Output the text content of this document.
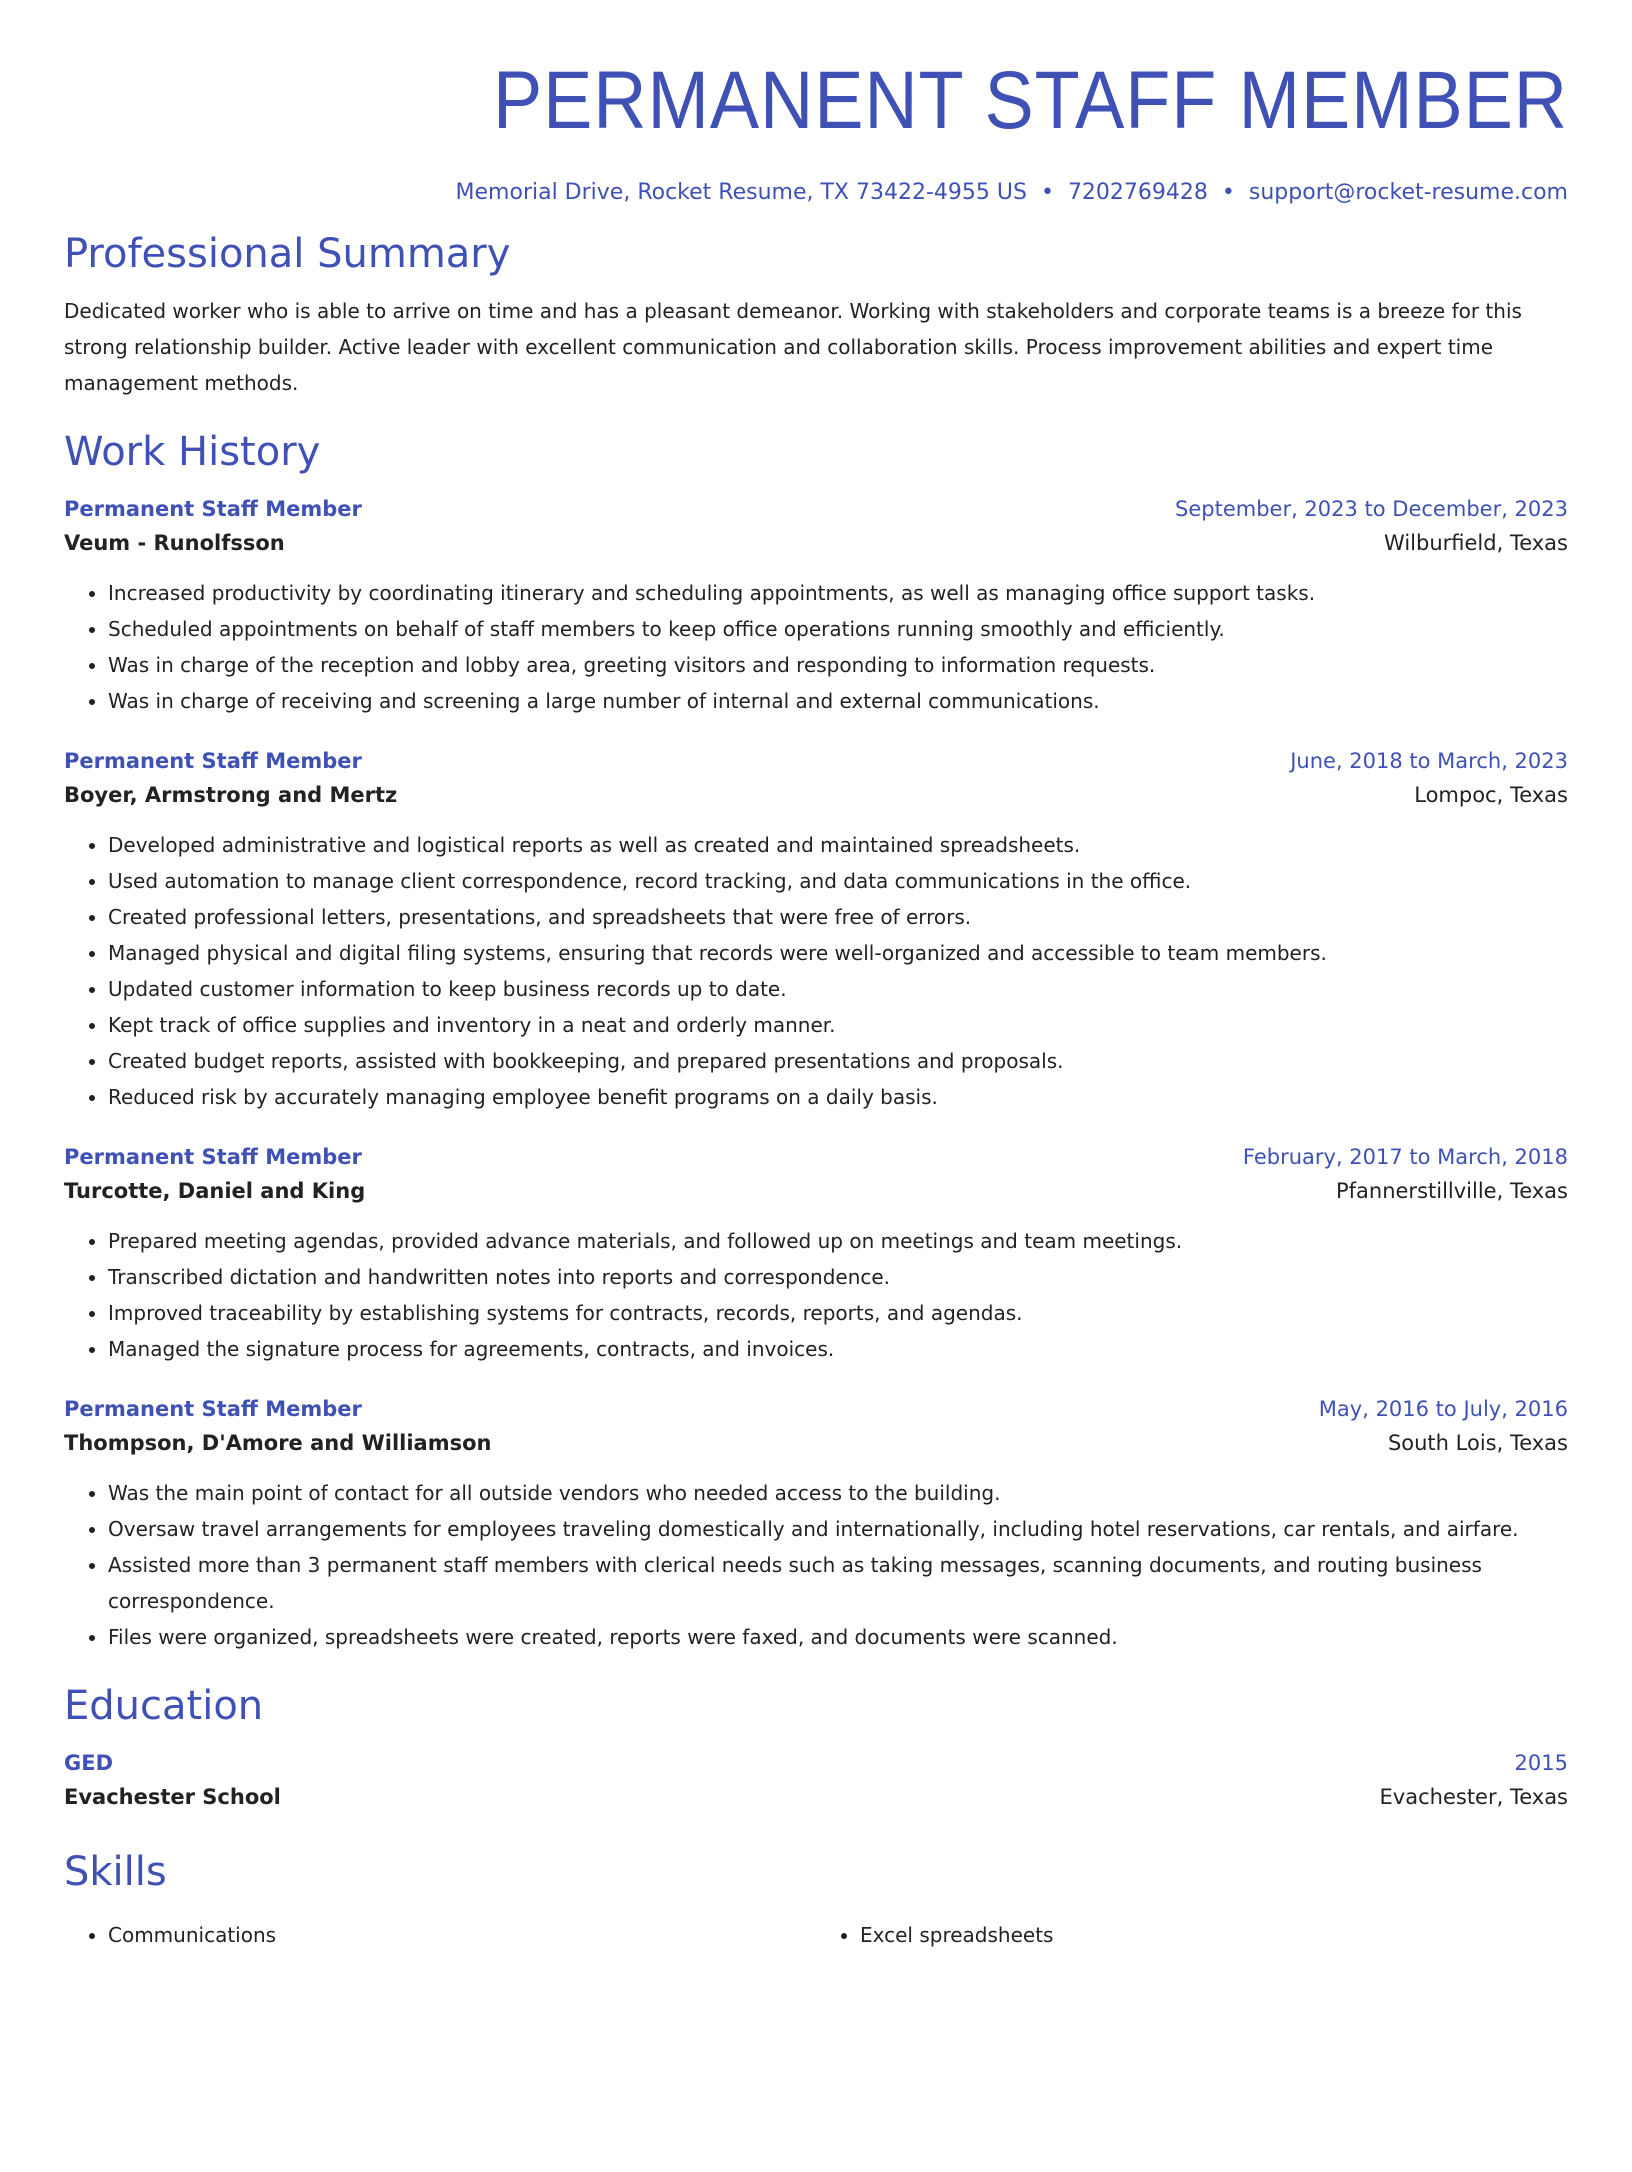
PERMANENT STAFF MEMBER
Memorial Drive, Rocket Resume, TX 73422-4955 US • 7202769428 • support@rocket-resume.com
Professional Summary

Dedicated worker who is able to arrive on time and has a pleasant demeanor. Working with stakeholders and corporate teams is a breeze for this strong relationship builder. Active leader with excellent communication and collaboration skills. Process improvement abilities and expert time management methods.

Work History
Permanent Staff Member	September, 2023 to December, 2023
Veum - Runolfsson	Wilburfield, Texas
• Increased productivity by coordinating itinerary and scheduling appointments, as well as managing office support tasks.
• Scheduled appointments on behalf of staff members to keep office operations running smoothly and efficiently.
• Was in charge of the reception and lobby area, greeting visitors and responding to information requests.
• Was in charge of receiving and screening a large number of internal and external communications.
Permanent Staff Member	June, 2018 to March, 2023
Boyer, Armstrong and Mertz	Lompoc, Texas
• Developed administrative and logistical reports as well as created and maintained spreadsheets.
• Used automation to manage client correspondence, record tracking, and data communications in the office.
• Created professional letters, presentations, and spreadsheets that were free of errors.
• Managed physical and digital filing systems, ensuring that records were well-organized and accessible to team members.
• Updated customer information to keep business records up to date.
• Kept track of office supplies and inventory in a neat and orderly manner.
• Created budget reports, assisted with bookkeeping, and prepared presentations and proposals.
• Reduced risk by accurately managing employee benefit programs on a daily basis.
Permanent Staff Member	February, 2017 to March, 2018
Turcotte, Daniel and King	Pfannerstillville, Texas
• Prepared meeting agendas, provided advance materials, and followed up on meetings and team meetings.
• Transcribed dictation and handwritten notes into reports and correspondence.
• Improved traceability by establishing systems for contracts, records, reports, and agendas.
• Managed the signature process for agreements, contracts, and invoices.
Permanent Staff Member	May, 2016 to July, 2016
Thompson, D'Amore and Williamson	South Lois, Texas
• Was the main point of contact for all outside vendors who needed access to the building.
• Oversaw travel arrangements for employees traveling domestically and internationally, including hotel reservations, car rentals, and airfare.
• Assisted more than 3 permanent staff members with clerical needs such as taking messages, scanning documents, and routing business correspondence.
• Files were organized, spreadsheets were created, reports were faxed, and documents were scanned.
Education
GED	2015
Evachester School	Evachester, Texas
Skills
• Communications
•	Excel spreadsheets
